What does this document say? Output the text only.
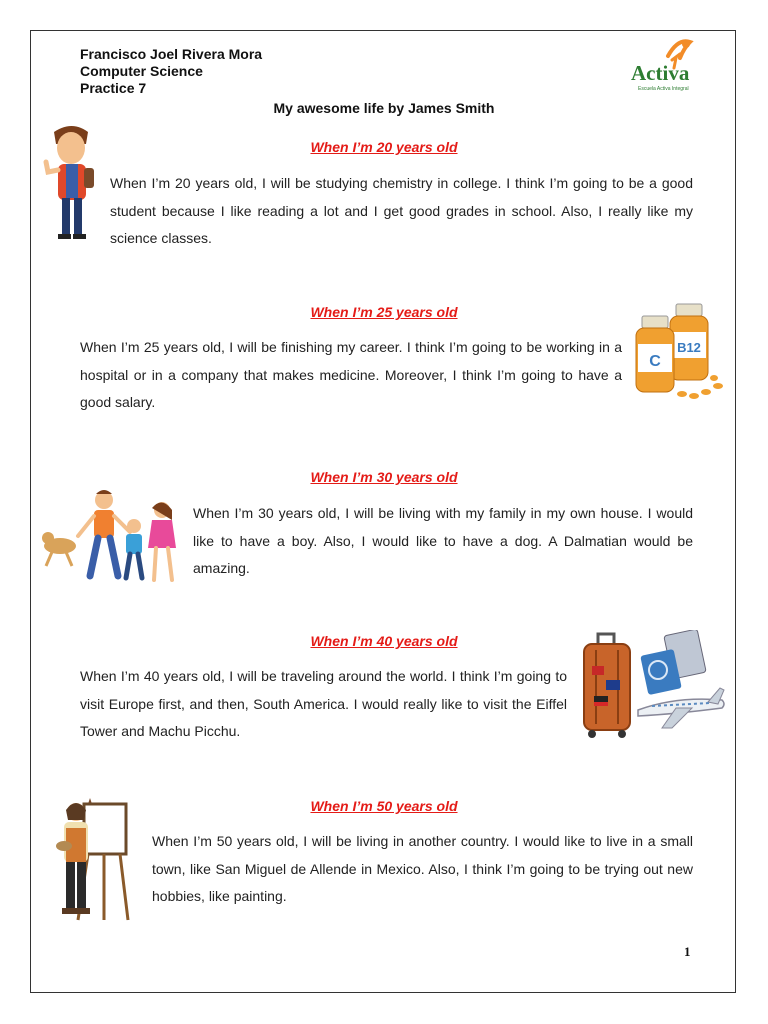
Francisco Joel Rivera Mora
Computer Science
Practice 7
Activa
Escuela Activa Integral
My awesome life by James Smith
When I’m 20 years old
When I’m 20 years old, I will be studying chemistry in college. I think I’m going to be a good student because I like reading a lot and I get good grades in school. Also, I really like my science classes.
When I’m 25 years old
When I’m 25 years old, I will be finishing my career. I think I’m going to be working in a hospital or in a company that makes medicine. Moreover, I think I’m going to have a good salary.
B12
C
When I’m 30 years old
When I’m 30 years old, I will be living with my family in my own house. I would like to have a boy. Also, I would like to have a dog. A Dalmatian would be amazing.
When I’m 40 years old
When I’m 40 years old, I will be traveling around the world. I think I’m going to visit Europe first, and then, South America. I would really like to visit the Eiffel Tower and Machu Picchu.
When I’m 50 years old
When I’m 50 years old, I will be living in another country. I would like to live in a small town, like San Miguel de Allende in Mexico. Also, I think I’m going to be trying out new hobbies, like painting.
1
